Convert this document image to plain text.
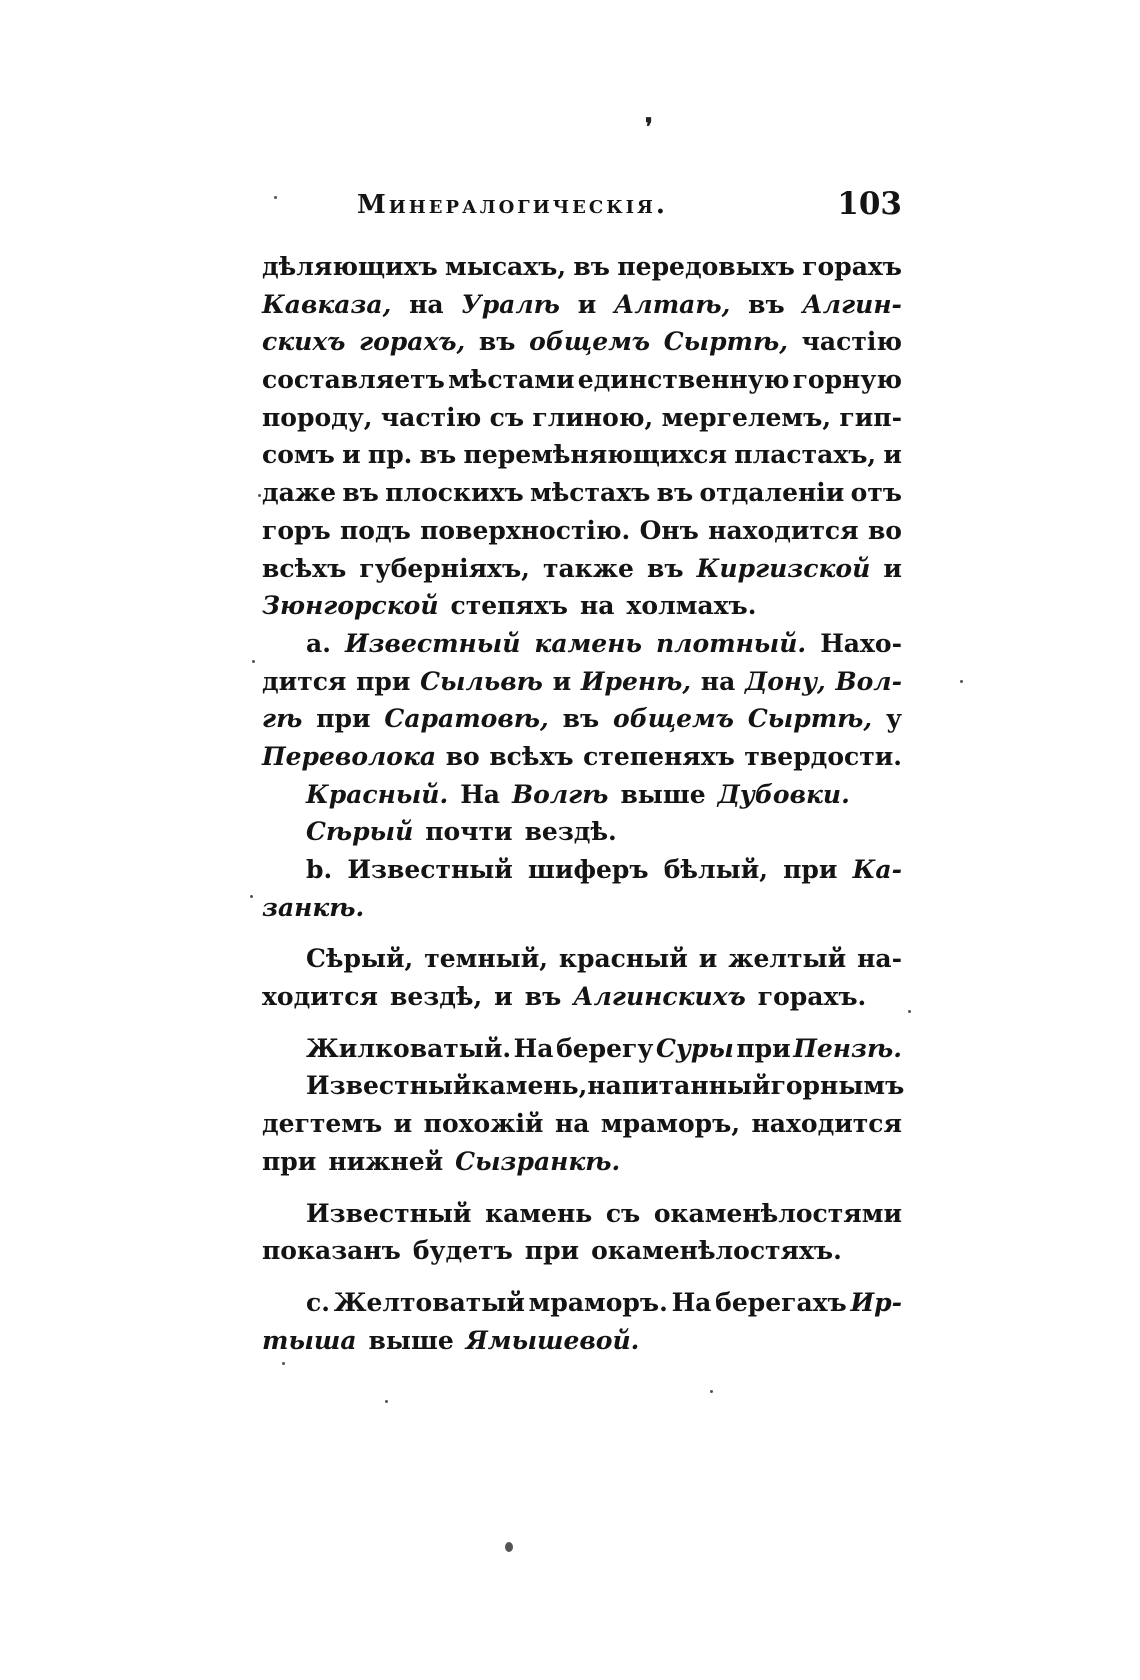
❜
Минералогическія.	103
дѣляющихъ мысахъ, въ передовыхъ горахъ
Кавказа, на Уралѣ и Алтаѣ, въ Алгин-
скихъ горахъ, въ общемъ Сыртѣ, частію
составляетъ мѣстами единственную горную
породу, частію съ глиною, мергелемъ, гип-
сомъ и пр. въ перемѣняющихся пластахъ, и
даже въ плоскихъ мѣстахъ въ отдаленіи отъ
горъ подъ поверхностію. Онъ находится во
всѣхъ губерніяхъ, также въ Киргизской и
Зюнгорской степяхъ на холмахъ.
a. Известный камень плотный. Нахо-
дится при Сыльвѣ и Иренѣ, на Дону, Вол-
гѣ при Саратовѣ, въ общемъ Сыртѣ, у
Переволока во всѣхъ степеняхъ твердости.
Красный. На Волгѣ выше Дубовки.
Сѣрый почти вездѣ.
b. Известный шиферъ бѣлый, при Ка-
занкѣ.
Сѣрый, темный, красный и желтый на-
ходится вездѣ, и въ Алгинскихъ горахъ.
Жилковатый. На берегу Суры при Пензѣ.
Известный камень, напитанный горнымъ
дегтемъ и похожій на мраморъ, находится
при нижней Сызранкѣ.
Известный камень съ окаменѣлостями
показанъ будетъ при окаменѣлостяхъ.
c. Желтоватый мраморъ. На берегахъ Ир-
тыша выше Ямышевой.
